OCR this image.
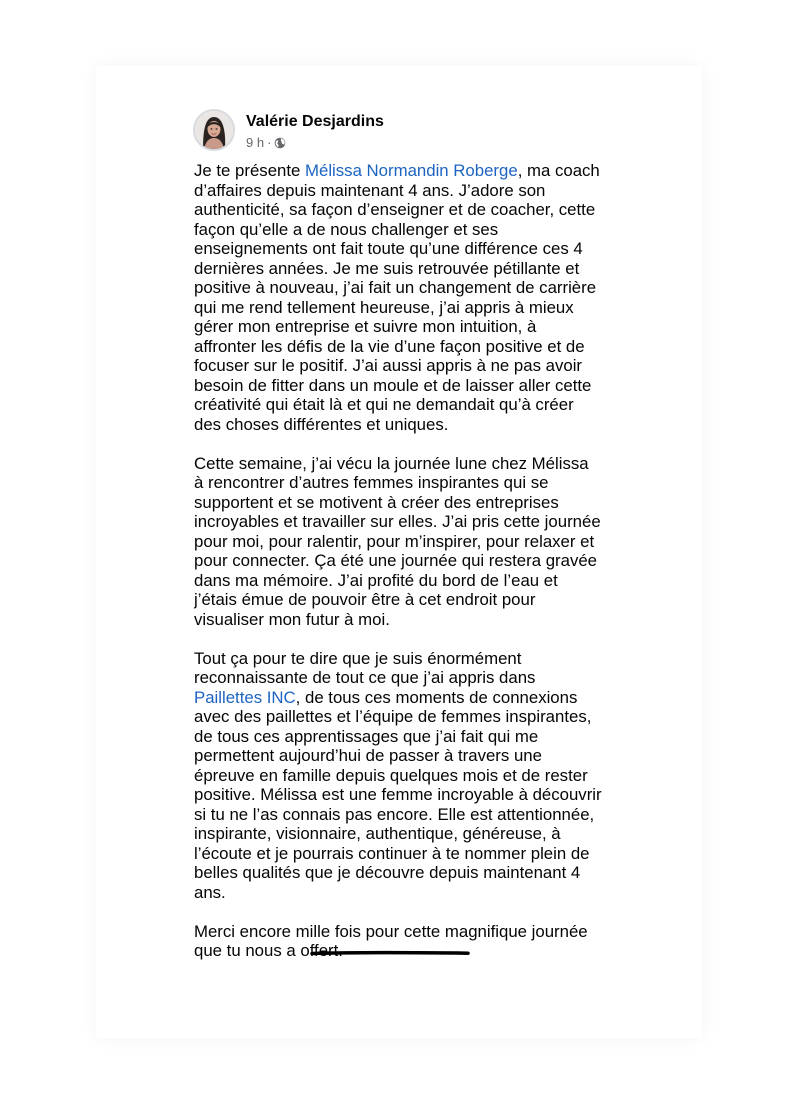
Valérie Desjardins
9 h ·

Je te présente Mélissa Normandin Roberge, ma coach d’affaires depuis maintenant 4 ans. J’adore son authenticité, sa façon d’enseigner et de coacher, cette façon qu’elle a de nous challenger et ses enseignements ont fait toute qu’une différence ces 4 dernières années. Je me suis retrouvée pétillante et positive à nouveau, j’ai fait un changement de carrière qui me rend tellement heureuse, j’ai appris à mieux gérer mon entreprise et suivre mon intuition, à affronter les défis de la vie d’une façon positive et de focuser sur le positif. J’ai aussi appris à ne pas avoir besoin de fitter dans un moule et de laisser aller cette créativité qui était là et qui ne demandait qu’à créer des choses différentes et uniques.

Cette semaine, j’ai vécu la journée lune chez Mélissa à rencontrer d’autres femmes inspirantes qui se supportent et se motivent à créer des entreprises incroyables et travailler sur elles. J’ai pris cette journée pour moi, pour ralentir, pour m’inspirer, pour relaxer et pour connecter. Ça été une journée qui restera gravée dans ma mémoire. J’ai profité du bord de l’eau et j’étais émue de pouvoir être à cet endroit pour visualiser mon futur à moi.

Tout ça pour te dire que je suis énormément reconnaissante de tout ce que j’ai appris dans Paillettes INC, de tous ces moments de connexions avec des paillettes et l’équipe de femmes inspirantes, de tous ces apprentissages que j’ai fait qui me permettent aujourd’hui de passer à travers une épreuve en famille depuis quelques mois et de rester positive. Mélissa est une femme incroyable à découvrir si tu ne l’as connais pas encore. Elle est attentionnée, inspirante, visionnaire, authentique, généreuse, à l’écoute et je pourrais continuer à te nommer plein de belles qualités que je découvre depuis maintenant 4 ans.

Merci encore mille fois pour cette magnifique journée que tu nous a offert.
